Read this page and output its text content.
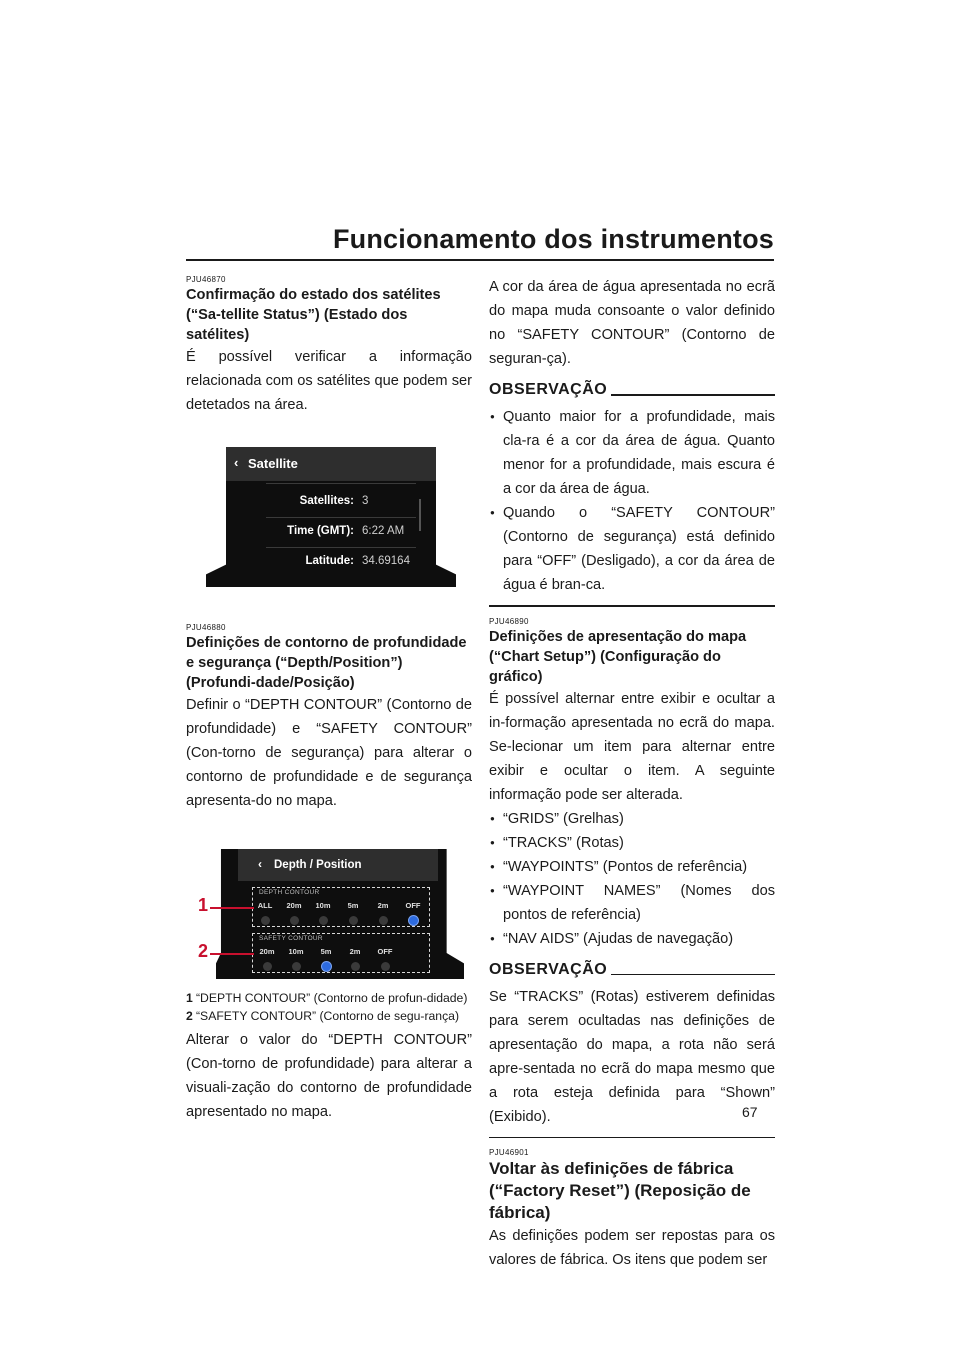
Funcionamento dos instrumentos
PJU46870
Confirmação do estado dos satélites (“Sa-tellite Status”) (Estado dos satélites)

É possível verificar a informação relacionada com os satélites que podem ser detetados na área.

‹ Satellite
Satellites: 3
Time (GMT): 6:22 AM
Latitude: 34.69164
PJU46880
Definições de contorno de profundidade e segurança (“Depth/Position”) (Profundi-dade/Posição)

Definir o “DEPTH CONTOUR” (Contorno de profundidade) e “SAFETY CONTOUR” (Con-torno de segurança) para alterar o contorno de profundidade e de segurança apresenta-do no mapa.

‹ Depth / Position
DEPTH CONTOUR
ALL	20m	10m	5m	2m	OFF
SAFETY CONTOUR
20m	10m	5m	2m	OFF
1
2
1 “DEPTH CONTOUR” (Contorno de profun-didade)
2 “SAFETY CONTOUR” (Contorno de segu-rança)

Alterar o valor do “DEPTH CONTOUR” (Con-torno de profundidade) para alterar a visuali-zação do contorno de profundidade apresentado no mapa.

A cor da área de água apresentada no ecrã do mapa muda consoante o valor definido no “SAFETY CONTOUR” (Contorno de seguran-ça).

OBSERVAÇÃO
● Quanto maior for a profundidade, mais cla-ra é a cor da área de água. Quanto menor for a profundidade, mais escura é a cor da área de água.
● Quando o “SAFETY CONTOUR” (Contorno de segurança) está definido para “OFF” (Desligado), a cor da área de água é bran-ca.
PJU46890
Definições de apresentação do mapa (“Chart Setup”) (Configuração do gráfico)

É possível alternar entre exibir e ocultar a in-formação apresentada no ecrã do mapa. Se-lecionar um item para alternar entre exibir e ocultar o item. A seguinte informação pode ser alterada.

● “GRIDS” (Grelhas)
● “TRACKS” (Rotas)
● “WAYPOINTS” (Pontos de referência)
● “WAYPOINT NAMES” (Nomes dos pontos de referência)
● “NAV AIDS” (Ajudas de navegação)
OBSERVAÇÃO

Se “TRACKS” (Rotas) estiverem definidas para serem ocultadas nas definições de apresentação do mapa, a rota não será apre-sentada no ecrã do mapa mesmo que a rota esteja definida para “Shown” (Exibido).

PJU46901
Voltar às definições de fábrica (“Factory Reset”) (Reposição de fábrica)

As definições podem ser repostas para os valores de fábrica. Os itens que podem ser

67
